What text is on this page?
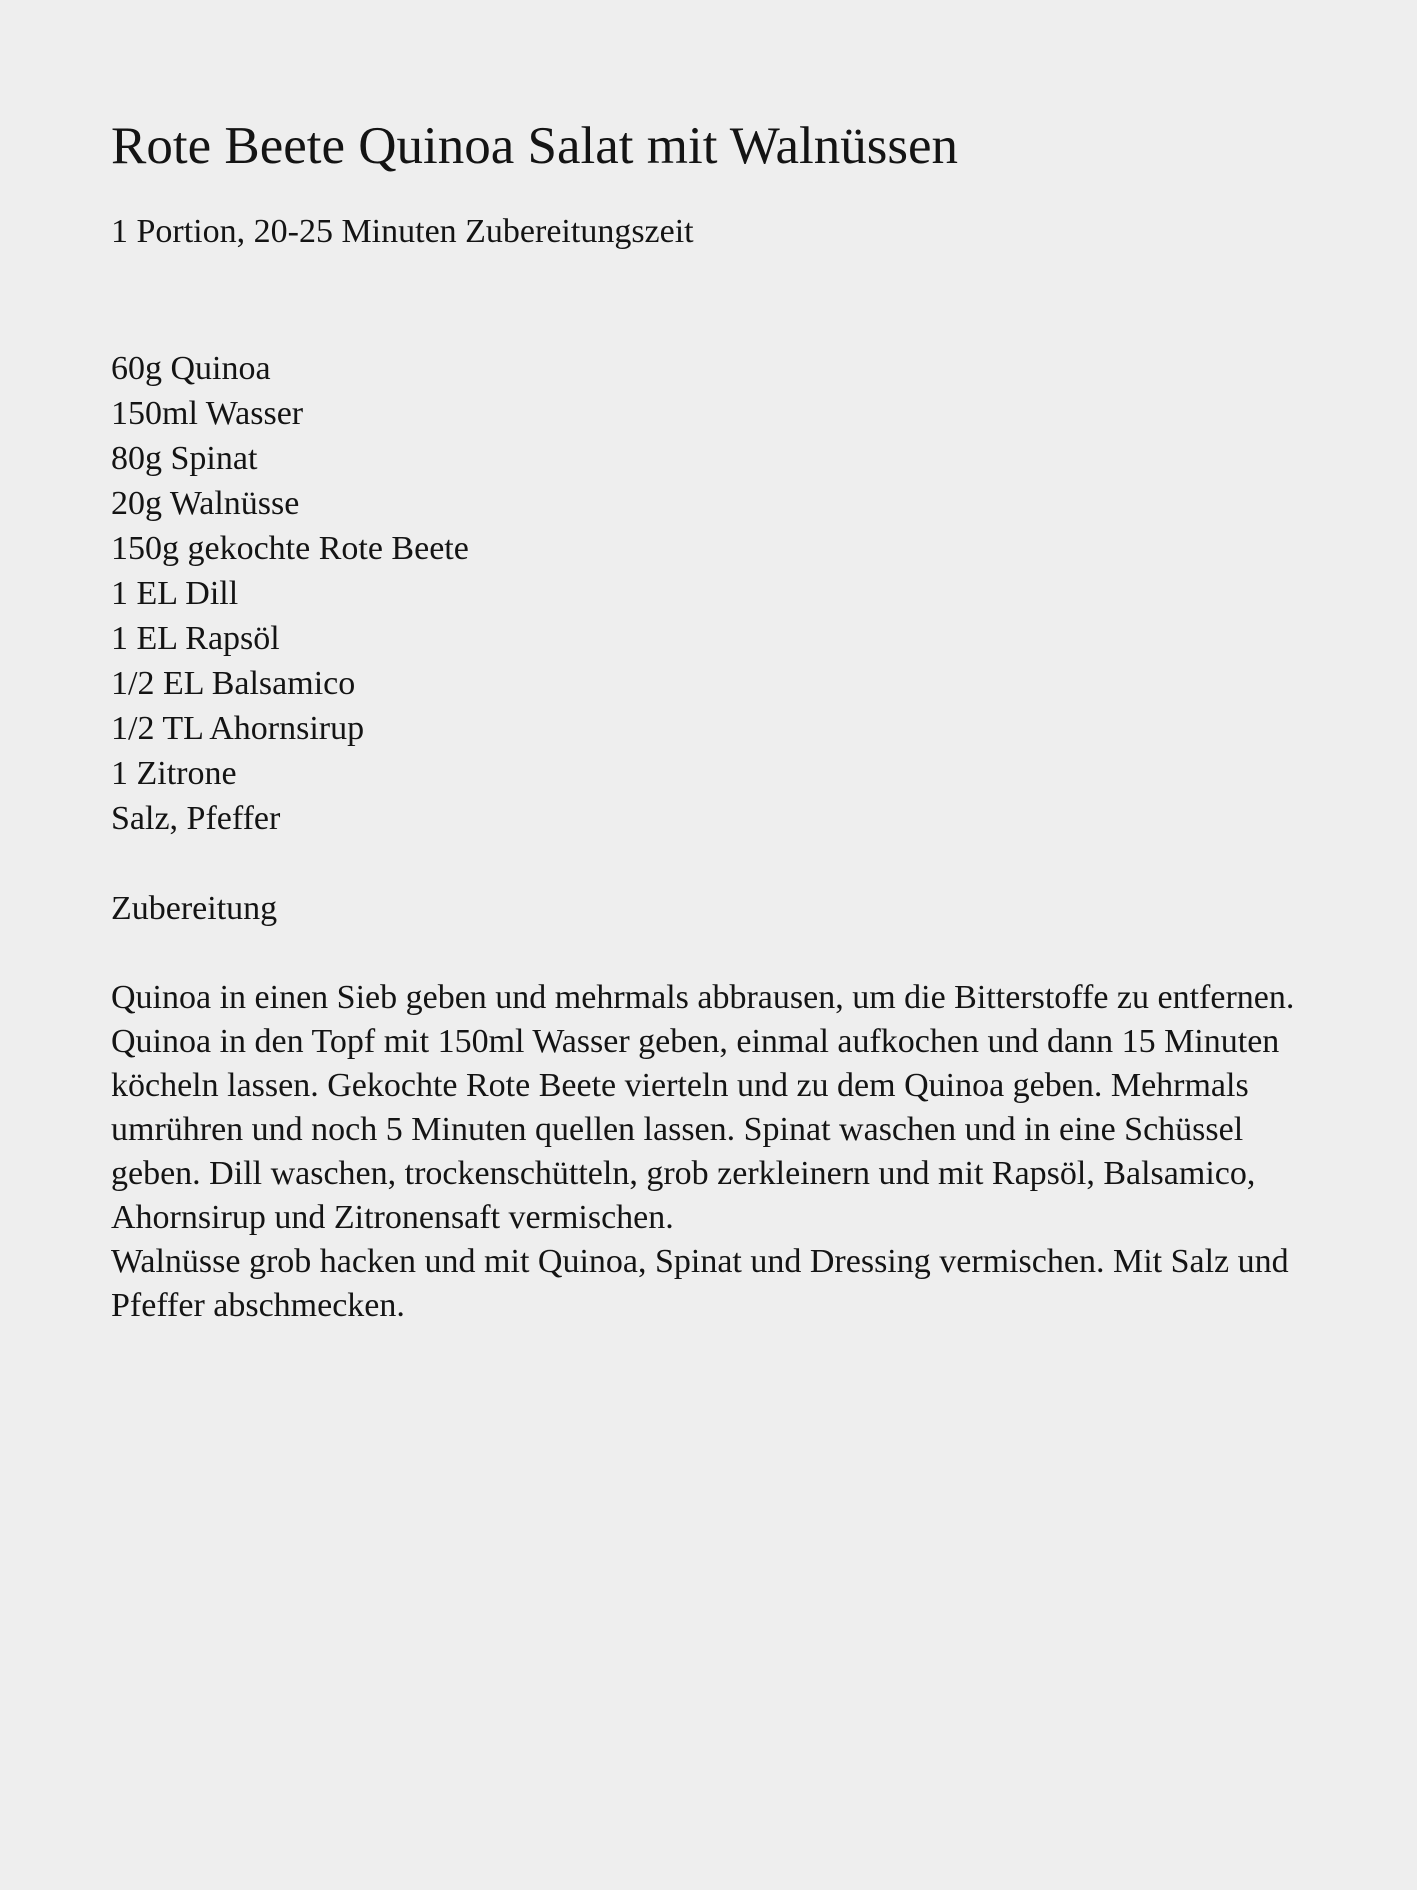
Rote Beete Quinoa Salat mit Walnüssen

1 Portion, 20-25 Minuten Zubereitungszeit

60g Quinoa
150ml Wasser
80g Spinat
20g Walnüsse
150g gekochte Rote Beete
1 EL Dill
1 EL Rapsöl
1/2 EL Balsamico
1/2 TL Ahornsirup
1 Zitrone
Salz, Pfeffer
Zubereitung

Quinoa in einen Sieb geben und mehrmals abbrausen, um die Bitterstoffe zu entfernen. Quinoa in den Topf mit 150ml Wasser geben, einmal aufkochen und dann 15 Minuten köcheln lassen. Gekochte Rote Beete vierteln und zu dem Quinoa geben. Mehrmals umrühren und noch 5 Minuten quellen lassen. Spinat waschen und in eine Schüssel geben. Dill waschen, trockenschütteln, grob zerkleinern und mit Rapsöl, Balsamico, Ahornsirup und Zitronensaft vermischen.

Walnüsse grob hacken und mit Quinoa, Spinat und Dressing vermischen. Mit Salz und Pfeffer abschmecken.
